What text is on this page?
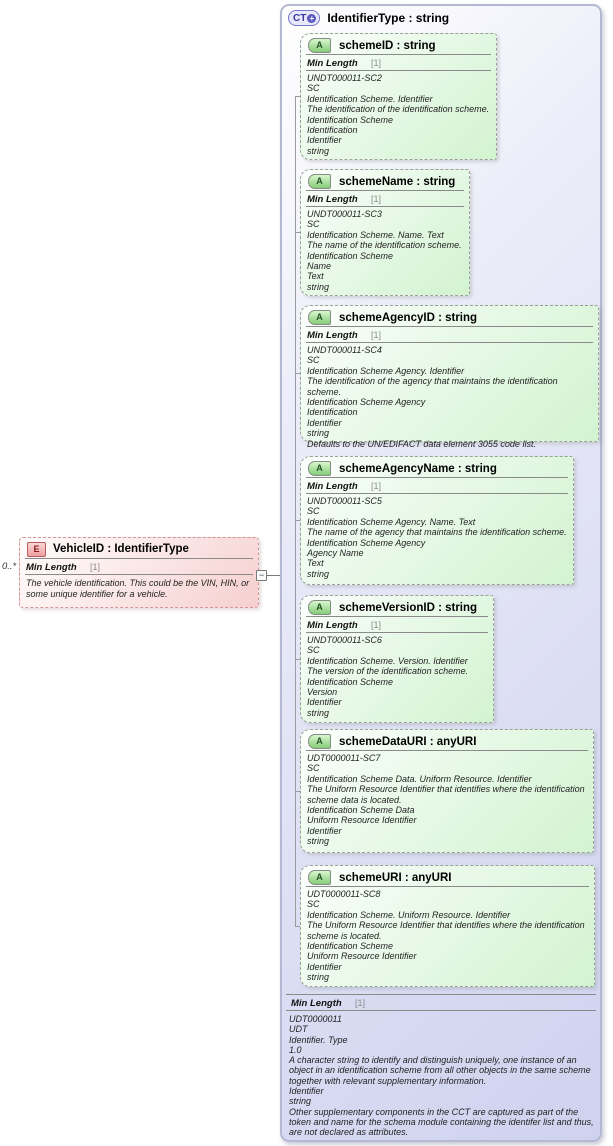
0..*
E	VehicleID : IdentifierType
Min Length	[1]
The vehicle identification. This could be the VIN, HIN, or some unique identifier for a vehicle.
−
CT + IdentifierType : string
A	schemeID : string
Min Length	[1]
UNDT000011-SC2
SC
Identification Scheme. Identifier
The identification of the identification scheme.
Identification Scheme
Identification
Identifier
string
A	schemeName : string
Min Length	[1]
UNDT000011-SC3
SC
Identification Scheme. Name. Text
The name of the identification scheme.
Identification Scheme
Name
Text
string
A	schemeAgencyID : string
Min Length	[1]
UNDT000011-SC4
SC
Identification Scheme Agency. Identifier
The identification of the agency that maintains the identification scheme.
Identification Scheme Agency
Identification
Identifier
string
Defaults to the UN/EDIFACT data element 3055 code list.
A	schemeAgencyName : string
Min Length	[1]
UNDT000011-SC5
SC
Identification Scheme Agency. Name. Text
The name of the agency that maintains the identification scheme.
Identification Scheme Agency
Agency Name
Text
string
A	schemeVersionID : string
Min Length	[1]
UNDT000011-SC6
SC
Identification Scheme. Version. Identifier
The version of the identification scheme.
Identification Scheme
Version
Identifier
string
A	schemeDataURI : anyURI
UDT0000011-SC7
SC
Identification Scheme Data. Uniform Resource. Identifier
The Uniform Resource Identifier that identifies where the identification scheme data is located.
Identification Scheme Data
Uniform Resource Identifier
Identifier
string
A	schemeURI : anyURI
UDT0000011-SC8
SC
Identification Scheme. Uniform Resource. Identifier
The Uniform Resource Identifier that identifies where the identification scheme is located.
Identification Scheme
Uniform Resource Identifier
Identifier
string
Min Length	[1]
UDT0000011
UDT
Identifier. Type
1.0
A character string to identify and distinguish uniquely, one instance of an object in an identification scheme from all other objects in the same scheme together with relevant supplementary information.
Identifier
string
Other supplementary components in the CCT are captured as part of the token and name for the schema module containing the identifer list and thus, are not declared as attributes.
